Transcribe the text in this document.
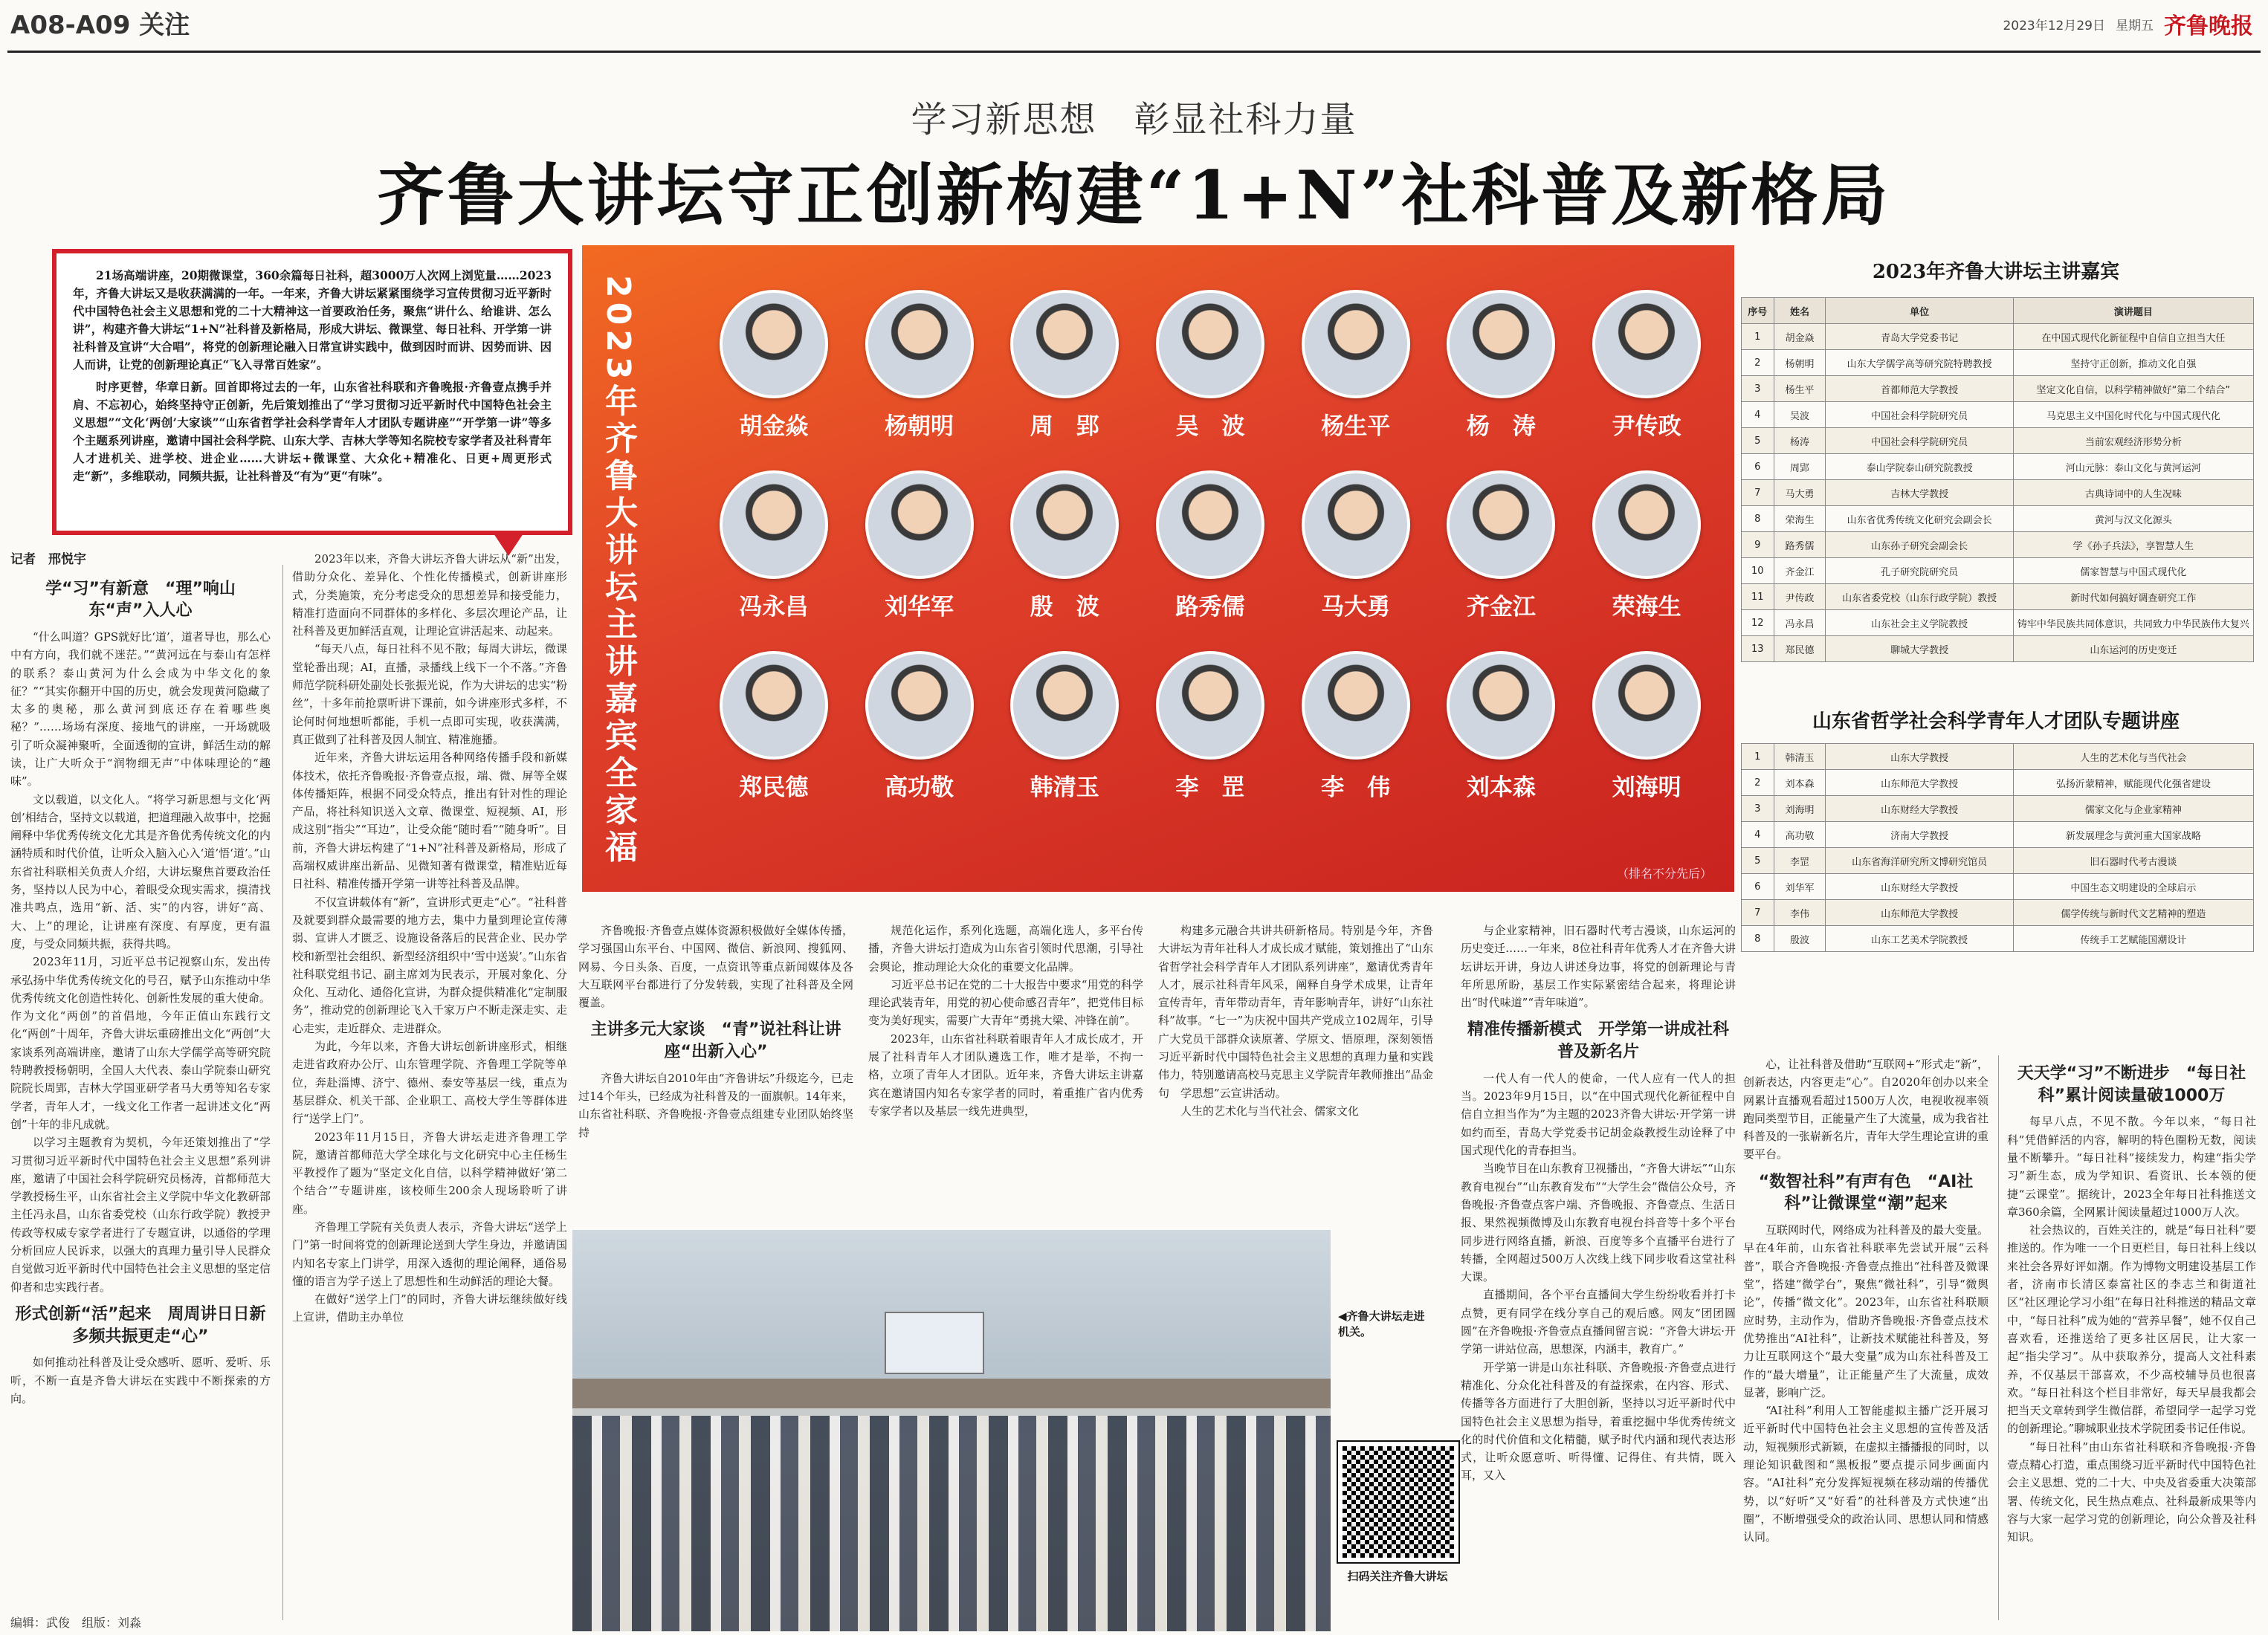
A08-A09 关注	2023年12月29日 星期五 齐鲁晚报
学习新思想　彰显社科力量
齐鲁大讲坛守正创新构建“1+N”社科普及新格局

21场高端讲座，20期微课堂，360余篇每日社科，超3000万人次网上浏览量……2023年，齐鲁大讲坛又是收获满满的一年。一年来，齐鲁大讲坛紧紧围绕学习宣传贯彻习近平新时代中国特色社会主义思想和党的二十大精神这一首要政治任务，聚焦“讲什么、给谁讲、怎么讲”，构建齐鲁大讲坛“1+N”社科普及新格局，形成大讲坛、微课堂、每日社科、开学第一讲社科普及宣讲“大合唱”，将党的创新理论融入日常宣讲实践中，做到因时而讲、因势而讲、因人而讲，让党的创新理论真正“飞入寻常百姓家”。

时序更替，华章日新。回首即将过去的一年，山东省社科联和齐鲁晚报·齐鲁壹点携手并肩、不忘初心，始终坚持守正创新，先后策划推出了“学习贯彻习近平新时代中国特色社会主义思想”“文化‘两创’大家谈”“山东省哲学社会科学青年人才团队专题讲座”“开学第一讲”等多个主题系列讲座，邀请中国社会科学院、山东大学、吉林大学等知名院校专家学者及社科青年人才进机关、进学校、进企业……大讲坛+微课堂、大众化+精准化、日更+周更形式走“新”，多维联动，同频共振，让社科普及“有为”更“有味”。	2023年齐鲁大讲坛主讲嘉宾全家福	胡金焱	杨朝明	周　郢	吴　波	杨生平	杨　涛	尹传政
冯永昌	刘华军	殷　波	路秀儒	马大勇	齐金江	荣海生
郑民德	高功敬	韩清玉	李　罡	李　伟	刘本森	刘海明
（排名不分先后）
2023年齐鲁大讲坛主讲嘉宾
序号	姓名	单位	演讲题目
1	胡金焱	青岛大学党委书记	在中国式现代化新征程中自信自立担当大任
2	杨朝明	山东大学儒学高等研究院特聘教授	坚持守正创新，推动文化自强
3	杨生平	首都师范大学教授	坚定文化自信，以科学精神做好“第二个结合”
4	吴波	中国社会科学院研究员	马克思主义中国化时代化与中国式现代化
5	杨涛	中国社会科学院研究员	当前宏观经济形势分析
6	周郢	泰山学院泰山研究院教授	河山元脉：泰山文化与黄河运河
7	马大勇	吉林大学教授	古典诗词中的人生况味
8	荣海生	山东省优秀传统文化研究会副会长	黄河与汉文化源头
9	路秀儒	山东孙子研究会副会长	学《孙子兵法》，享智慧人生
10	齐金江	孔子研究院研究员	儒家智慧与中国式现代化
11	尹传政	山东省委党校（山东行政学院）教授	新时代如何搞好调查研究工作
12	冯永昌	山东社会主义学院教授	铸牢中华民族共同体意识，共同致力中华民族伟大复兴
13	郑民德	聊城大学教授	山东运河的历史变迁
山东省哲学社会科学青年人才团队专题讲座
1	韩清玉	山东大学教授	人生的艺术化与当代社会
2	刘本森	山东师范大学教授	弘扬沂蒙精神，赋能现代化强省建设
3	刘海明	山东财经大学教授	儒家文化与企业家精神
4	高功敬	济南大学教授	新发展理念与黄河重大国家战略
5	李罡	山东省海洋研究所文博研究馆员	旧石器时代考古漫谈
6	刘华军	山东财经大学教授	中国生态文明建设的全球启示
7	李伟	山东师范大学教授	儒学传统与新时代文艺精神的塑造
8	殷波	山东工艺美术学院教授	传统手工艺赋能国潮设计
记者　邢悦宇
学“习”有新意　“理”响山东“声”入人心

“什么叫道？GPS就好比‘道’，道者导也，那么心中有方向，我们就不迷茫。”“黄河远在与泰山有怎样的联系？泰山黄河为什么会成为中华文化的象征？”“其实你翻开中国的历史，就会发现黄河隐藏了太多的奥秘，那么黄河到底还存在着哪些奥秘？”……场场有深度、接地气的讲座，一开场就吸引了听众凝神聚听，全面透彻的宣讲，鲜活生动的解读，让广大听众于“润物细无声”中体味理论的“趣味”。

文以载道，以文化人。“将学习新思想与文化‘两创’相结合，坚持文以载道，把道理融入故事中，挖掘阐释中华优秀传统文化尤其是齐鲁优秀传统文化的内涵特质和时代价值，让听众入脑入心入‘道’悟‘道’。”山东省社科联相关负责人介绍，大讲坛聚焦首要政治任务，坚持以人民为中心，着眼受众现实需求，摸清找准共鸣点，选用“新、活、实”的内容，讲好“高、大、上”的理论，让讲座有深度、有厚度，更有温度，与受众同频共振，获得共鸣。

2023年11月，习近平总书记视察山东，发出传承弘扬中华优秀传统文化的号召，赋予山东推动中华优秀传统文化创造性转化、创新性发展的重大使命。作为文化“两创”的首倡地，今年正值山东践行文化“两创”十周年，齐鲁大讲坛重磅推出文化“两创”大家谈系列高端讲座，邀请了山东大学儒学高等研究院特聘教授杨朝明，全国人大代表、泰山学院泰山研究院院长周郢，吉林大学国亚研学者马大勇等知名专家学者，青年人才，一线文化工作者一起讲述文化“两创”十年的非凡成就。

以学习主题教育为契机，今年还策划推出了“学习贯彻习近平新时代中国特色社会主义思想”系列讲座，邀请了中国社会科学院研究员杨涛，首都师范大学教授杨生平，山东省社会主义学院中华文化教研部主任冯永昌，山东省委党校（山东行政学院）教授尹传政等权威专家学者进行了专题宣讲，以通俗的学理分析回应人民诉求，以强大的真理力量引导人民群众自觉做习近平新时代中国特色社会主义思想的坚定信仰者和忠实践行者。

形式创新“活”起来　周周讲日日新多频共振更走“心”

如何推动社科普及让受众感听、愿听、爱听、乐听，不断一直是齐鲁大讲坛在实践中不断探索的方向。

2023年以来，齐鲁大讲坛齐鲁大讲坛从“新”出发，借助分众化、差异化、个性化传播模式，创新讲座形式，分类施策，充分考虑受众的思想差异和接受能力，精准打造面向不同群体的多样化、多层次理论产品，让社科普及更加鲜活直观，让理论宣讲活起来、动起来。

“每天八点，每日社科不见不散；每周大讲坛，微课堂轮番出现；AI，直播，录播线上线下一个不落。”齐鲁师范学院科研处副处长张振光说，作为大讲坛的忠实“粉丝”，十多年前抢票听讲下课前，如今讲座形式多样，不论何时何地想听都能，手机一点即可实现，收获满满，真正做到了社科普及因人制宜、精准施播。

近年来，齐鲁大讲坛运用各种网络传播手段和新媒体技术，依托齐鲁晚报·齐鲁壹点报，端、微、屏等全媒体传播矩阵，根据不同受众特点，推出有针对性的理论产品，将社科知识送入文章、微课堂、短视频、AI，形成这别“指尖”“耳边”，让受众能“随时看”“随身听”。目前，齐鲁大讲坛构建了“1+N”社科普及新格局，形成了高端权威讲座出新品、见微知著有微课堂，精准贴近每日社科、精准传播开学第一讲等社科普及品牌。

不仅宣讲载体有“新”，宣讲形式更走“心”。“社科普及就要到群众最需要的地方去，集中力量到理论宣传薄弱、宣讲人才匮乏、设施设备落后的民营企业、民办学校和新型社会组织、新型经济组织中‘雪中送炭’。”山东省社科联党组书记、副主席刘为民表示，开展对象化、分众化、互动化、通俗化宣讲，为群众提供精准化“定制服务”，推动党的创新理论飞入千家万户不断走深走实、走心走实，走近群众、走进群众。

为此，今年以来，齐鲁大讲坛创新讲座形式，相继走进省政府办公厅、山东管理学院、齐鲁理工学院等单位，奔赴淄博、济宁、德州、泰安等基层一线，重点为基层群众、机关干部、企业职工、高校大学生等群体进行“送学上门”。

2023年11月15日，齐鲁大讲坛走进齐鲁理工学院，邀请首都师范大学全球化与文化研究中心主任杨生平教授作了题为“坚定文化自信，以科学精神做好‘第二个结合’”专题讲座，该校师生200余人现场聆听了讲座。

齐鲁理工学院有关负责人表示，齐鲁大讲坛“送学上门”第一时间将党的创新理论送到大学生身边，并邀请国内知名专家上门讲学，用深入透彻的理论阐释，通俗易懂的语言为学子送上了思想性和生动鲜活的理论大餐。

在做好“送学上门”的同时，齐鲁大讲坛继续做好线上宣讲，借助主办单位

齐鲁晚报·齐鲁壹点媒体资源积极做好全媒体传播，学习强国山东平台、中国网、微信、新浪网、搜狐网、网易、今日头条、百度，一点资讯等重点新闻媒体及各大互联网平台都进行了分发转载，实现了社科普及全网覆盖。

主讲多元大家谈　“青”说社科让讲座“出新入心”

齐鲁大讲坛自2010年由“齐鲁讲坛”升级迄今，已走过14个年头，已经成为社科普及的一面旗帜。14年来，山东省社科联、齐鲁晚报·齐鲁壹点组建专业团队始终坚持

规范化运作，系列化选题，高端化选人，多平台传播，齐鲁大讲坛打造成为山东省引领时代思潮，引导社会舆论，推动理论大众化的重要文化品牌。

习近平总书记在党的二十大报告中要求“用党的科学理论武装青年，用党的初心使命感召青年”，把党伟目标变为美好现实，需要广大青年“勇挑大梁、冲锋在前”。

2023年，山东省社科联着眼青年人才成长成才，开展了社科青年人才团队遴选工作，唯才是举，不拘一格，立项了青年人才团队。近年来，齐鲁大讲坛主讲嘉宾在邀请国内知名专家学者的同时，着重推广省内优秀专家学者以及基层一线先进典型，

构建多元融合共讲共研新格局。特别是今年，齐鲁大讲坛为青年社科人才成长成才赋能，策划推出了“山东省哲学社会科学青年人才团队系列讲座”，邀请优秀青年人才，展示社科青年风采，阐释自身学术成果，让青年宣传青年，青年带动青年，青年影响青年，讲好“山东社科”故事。“七一”为庆祝中国共产党成立102周年，引导广大党员干部群众读原著、学原文、悟原理，深刻领悟习近平新时代中国特色社会主义思想的真理力量和实践伟力，特别邀请高校马克思主义学院青年教师推出“品金句　学思想”云宣讲活动。

人生的艺术化与当代社会、儒家文化

◀齐鲁大讲坛走进机关。
扫码关注齐鲁大讲坛

与企业家精神，旧石器时代考古漫谈，山东运河的历史变迁……一年来，8位社科青年优秀人才在齐鲁大讲坛讲坛开讲，身边人讲述身边事，将党的创新理论与青年所思所盼，基层工作实际紧密结合起来，将理论讲出“时代味道”“青年味道”。

精准传播新模式　开学第一讲成社科普及新名片

一代人有一代人的使命，一代人应有一代人的担当。2023年9月15日，以“在中国式现代化新征程中自信自立担当作为”为主题的2023齐鲁大讲坛·开学第一讲如约而至，青岛大学党委书记胡金焱教授生动诠释了中国式现代化的青春担当。

当晚节目在山东教育卫视播出，“齐鲁大讲坛”“山东教育电视台”“山东教育发布”“大学生会”微信公众号，齐鲁晚报·齐鲁壹点客户端、齐鲁晚报、齐鲁壹点、生活日报、果然视频微博及山东教育电视台抖音等十多个平台同步进行网络直播，新浪、百度等多个直播平台进行了转播，全网超过500万人次线上线下同步收看这堂社科大课。

直播期间，各个平台直播间大学生纷纷收看并打卡点赞，更有同学在线分享自己的观后感。网友“团团圆圆”在齐鲁晚报·齐鲁壹点直播间留言说：“齐鲁大讲坛·开学第一讲站位高，思想深，内涵丰，教育广。”

开学第一讲是山东社科联、齐鲁晚报·齐鲁壹点进行精准化、分众化社科普及的有益探索，在内容、形式、传播等各方面进行了大胆创新，坚持以习近平新时代中国特色社会主义思想为指导，着重挖掘中华优秀传统文化的时代价值和文化精髓，赋予时代内涵和现代表达形式，让听众愿意听、听得懂、记得住、有共情，既入耳，又入

心，让社科普及借助“互联网+”形式走“新”，创新表达，内容更走“心”。自2020年创办以来全网累计直播观看超过1500万人次，电视收视率领跑同类型节目，正能量产生了大流量，成为我省社科普及的一张崭新名片，青年大学生理论宣讲的重要平台。

“数智社科”有声有色　“AI社科”让微课堂“潮”起来

互联网时代，网络成为社科普及的最大变量。早在4年前，山东省社科联率先尝试开展“云科普”，联合齐鲁晚报·齐鲁壹点推出“社科普及微课堂”，搭建“微学台”，聚焦“微社科”，引导“微舆论”，传播“微文化”。2023年，山东省社科联顺应时势，主动作为，借助齐鲁晚报·齐鲁壹点技术优势推出“AI社科”，让新技术赋能社科普及，努力让互联网这个“最大变量”成为山东社科普及工作的“最大增量”，让正能量产生了大流量，成效显著，影响广泛。

“AI社科”利用人工智能虚拟主播广泛开展习近平新时代中国特色社会主义思想的宣传普及活动，短视频形式新颖，在虚拟主播播报的同时，以理论知识截图和“黑板报”要点提示同步画面内容。“AI社科”充分发挥短视频在移动端的传播优势，以“好听”又“好看”的社科普及方式快速“出圈”，不断增强受众的政治认同、思想认同和情感认同。

天天学“习”不断进步　“每日社科”累计阅读量破1000万

每早八点，不见不散。今年以来，“每日社科”凭借鲜活的内容，解明的特色圈粉无数，阅读量不断攀升。“每日社科”接续发力，构建“指尖学习”新生态，成为学知识、看资讯、长本领的便捷“云课堂”。据统计，2023全年每日社科推送文章360余篇，全网累计阅读量超过1000万人次。

社会热议的，百姓关注的，就是“每日社科”要推送的。作为唯一一个日更栏目，每日社科上线以来社会各界好评如潮。作为博物文明建设基层工作者，济南市长清区泰富社区的李志兰和街道社区“社区理论学习小组”在每日社科推送的精品文章中，“每日社科”成为她的“营养早餐”，她不仅自己喜欢看，还推送给了更多社区居民，让大家一起“指尖学习”。从中获取养分，提高人文社科素养，不仅基层干部喜欢，不少高校辅导员也很喜欢。“每日社科这个栏目非常好，每天早晨我都会把当天文章转到学生微信群，希望同学一起学习党的创新理论。”聊城职业技术学院团委书记任伟说。

“每日社科”由山东省社科联和齐鲁晚报·齐鲁壹点精心打造，重点围绕习近平新时代中国特色社会主义思想、党的二十大、中央及省委重大决策部署、传统文化，民生热点难点、社科最新成果等内容与大家一起学习党的创新理论，向公众普及社科知识。

编辑：武俊　组版：刘淼
